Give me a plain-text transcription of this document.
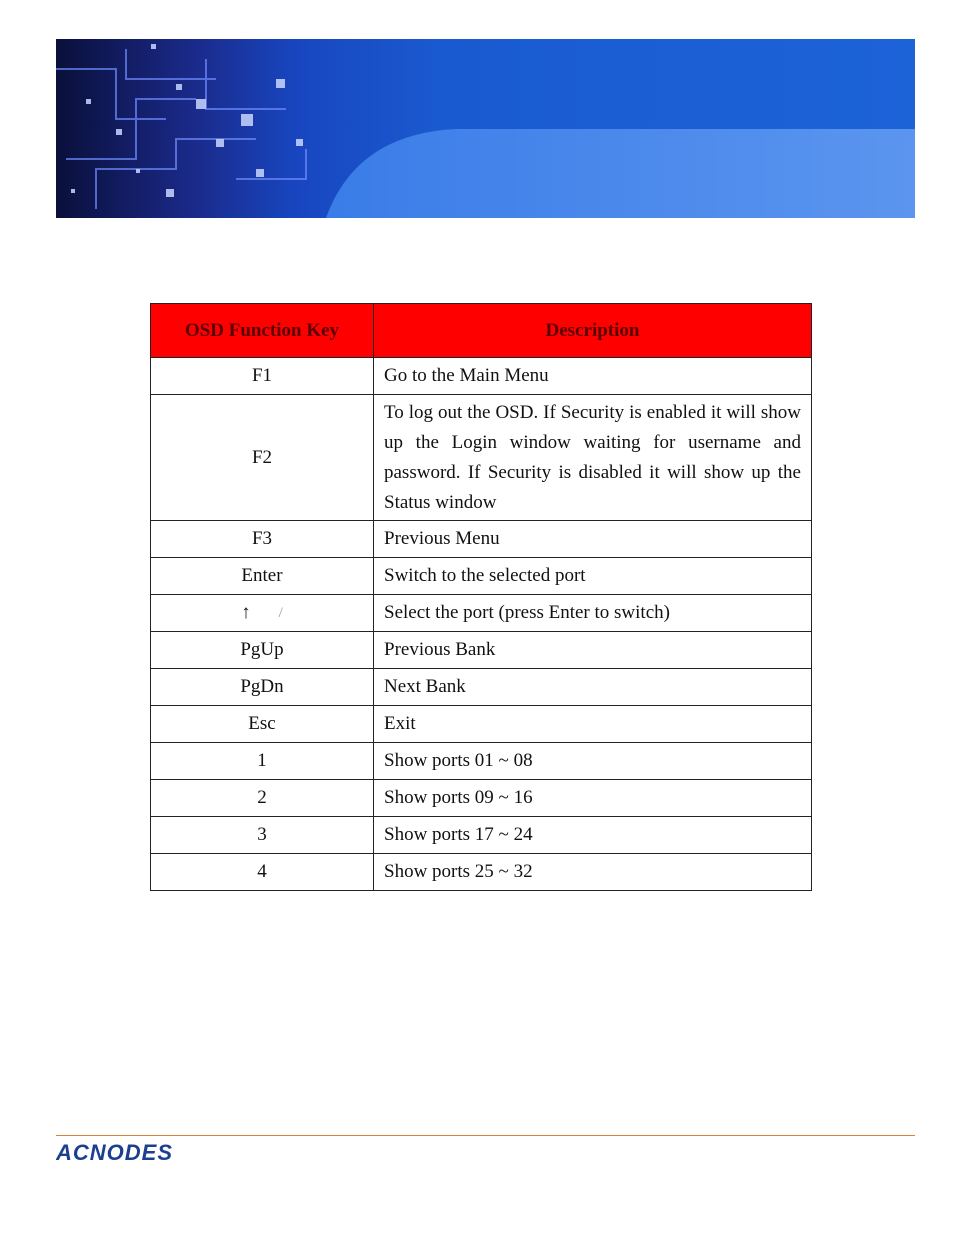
OSD Function Key	Description
F1	Go to the Main Menu
F2	To log out the OSD. If Security is enabled it will show up the Login window waiting for username and password. If Security is disabled it will show up the Status window
F3	Previous Menu
Enter	Switch to the selected port

↑ /	Select the port (press Enter to switch)
PgUp	Previous Bank
PgDn	Next Bank
Esc	Exit
1	Show ports 01 ~ 08
2	Show ports 09 ~ 16
3	Show ports 17 ~ 24
4	Show ports 25 ~ 32
ACNODES
